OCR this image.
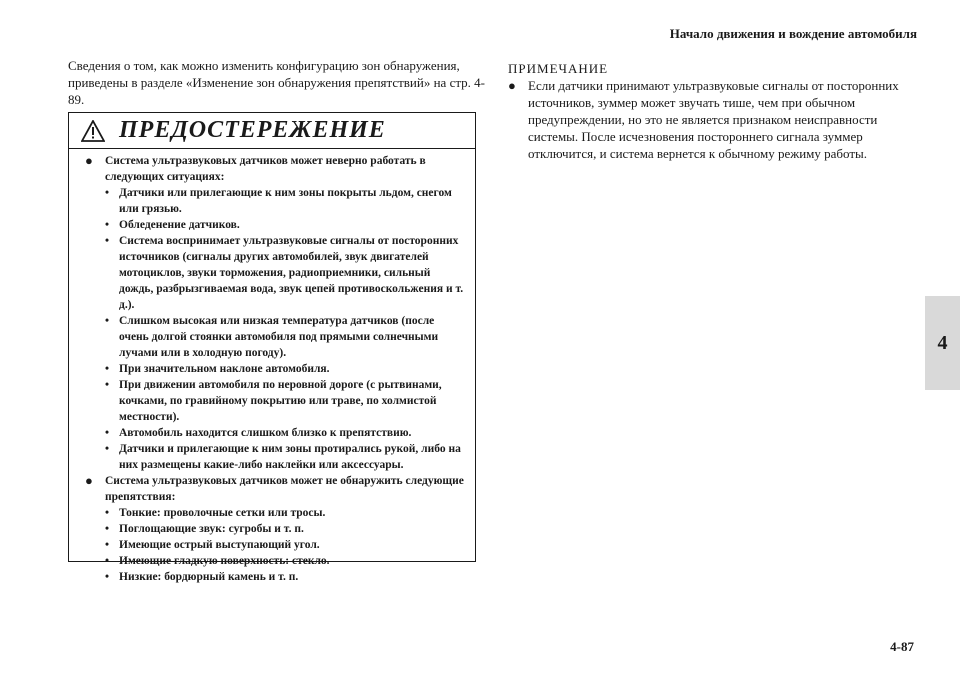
Начало движения и вождение автомобиля
4

Сведения о том, как можно изменить конфигурацию зон обнаружения, приведены в разделе «Изменение зон обнаружения препятствий» на стр. 4-89.

ПРЕДОСТЕРЕЖЕНИЕ
●	Система ультразвуковых датчиков может неверно работать в следующих ситуациях:
• Датчики или прилегающие к ним зоны покрыты льдом, снегом или грязью.
• Обледенение датчиков.
• Система воспринимает ультразвуковые сигналы от посторонних источников (сигналы других автомобилей, звук двигателей мотоциклов, звуки торможения, радиоприемники, сильный дождь, разбрызгиваемая вода, звук цепей противоскольжения и т. д.).
• Слишком высокая или низкая температура датчиков (после очень долгой стоянки автомобиля под прямыми солнечными лучами или в холодную погоду).
• При значительном наклоне автомобиля.
• При движении автомобиля по неровной дороге (с рытвинами, кочками, по гравийному покрытию или траве, по холмистой местности).
• Автомобиль находится слишком близко к препятствию.
• Датчики и прилегающие к ним зоны протирались рукой, либо на них размещены какие-либо наклейки или аксессуары.
●	Система ультразвуковых датчиков может не обнаружить следующие препятствия:
• Тонкие: проволочные сетки или тросы.
• Поглощающие звук: сугробы и т. п.
• Имеющие острый выступающий угол.
• Имеющие гладкую поверхность: стекло.
• Низкие: бордюрный камень и т. п.
ПРИМЕЧАНИЕ
● Если датчики принимают ультразвуковые сигналы от посторонних источников, зуммер может звучать тише, чем при обычном предупреждении, но это не является признаком неисправности системы. После исчезновения постороннего сигнала зуммер отключится, и система вернется к обычному режиму работы.
4-87
